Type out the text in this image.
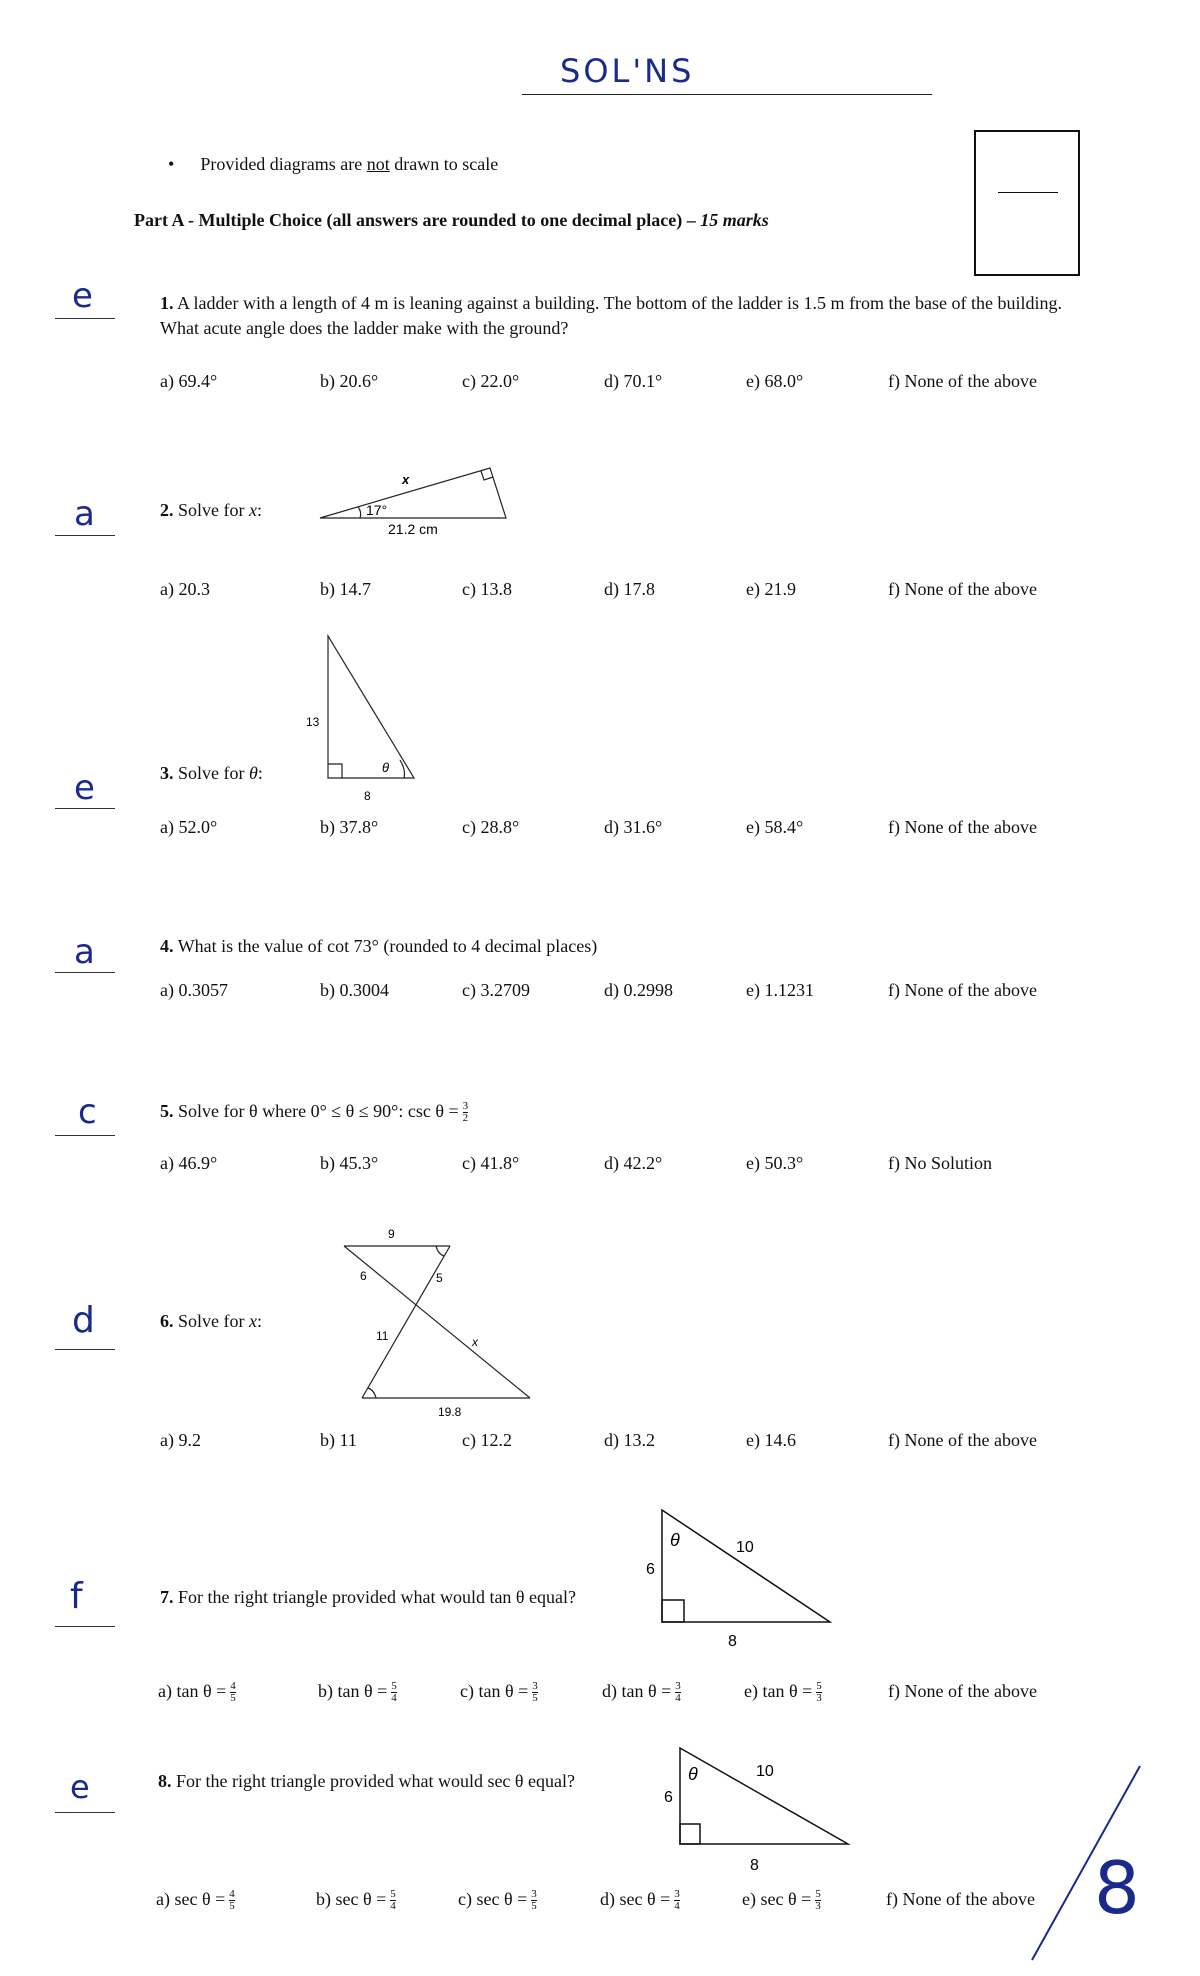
SOL'NS
• Provided diagrams are not drawn to scale
Part A - Multiple Choice (all answers are rounded to one decimal place) – 15 marks
e	1. A ladder with a length of 4 m is leaning against a building. The bottom of the ladder is 1.5 m from the base of the building.
What acute angle does the ladder make with the ground?
a) 69.4°	b) 20.6°	c) 22.0°	d) 70.1°	e) 68.0°	f) None of the above
a	2. Solve for x:
x
17°
21.2 cm
a) 20.3	b) 14.7	c) 13.8	d) 17.8	e) 21.9	f) None of the above
13
8
θ
3. Solve for θ:
e
a) 52.0°	b) 37.8°	c) 28.8°	d) 31.6°	e) 58.4°	f) None of the above
a	4. What is the value of cot 73° (rounded to 4 decimal places)
a) 0.3057	b) 0.3004	c) 3.2709	d) 0.2998	e) 1.1231	f) None of the above
c	5. Solve for θ where 0° ≤ θ ≤ 90°: $\csc \theta = \frac{3}{2}$
a) 46.9°	b) 45.3°	c) 41.8°	d) 42.2°	e) 50.3°	f) No Solution
9
6	5
11	x
19.8
d	6. Solve for x:
a) 9.2	b) 11	c) 12.2	d) 13.2	e) 14.6	f) None of the above
θ
6
10
8
f	7. For the right triangle provided what would tan θ equal?
a) $\tan \theta = \frac{4}{5}$	b) $\tan \theta = \frac{5}{4}$	c) $\tan \theta = \frac{3}{5}$	d) $\tan \theta = \frac{3}{4}$	e) $\tan \theta = \frac{5}{3}$	f) None of the above
θ
6
10
8
e	8. For the right triangle provided what would sec θ equal?
a) $\sec \theta = \frac{4}{5}$	b) $\sec \theta = \frac{5}{4}$	c) $\sec \theta = \frac{3}{5}$	d) $\sec \theta = \frac{3}{4}$	e) $\sec \theta = \frac{5}{3}$	f) None of the above 8
